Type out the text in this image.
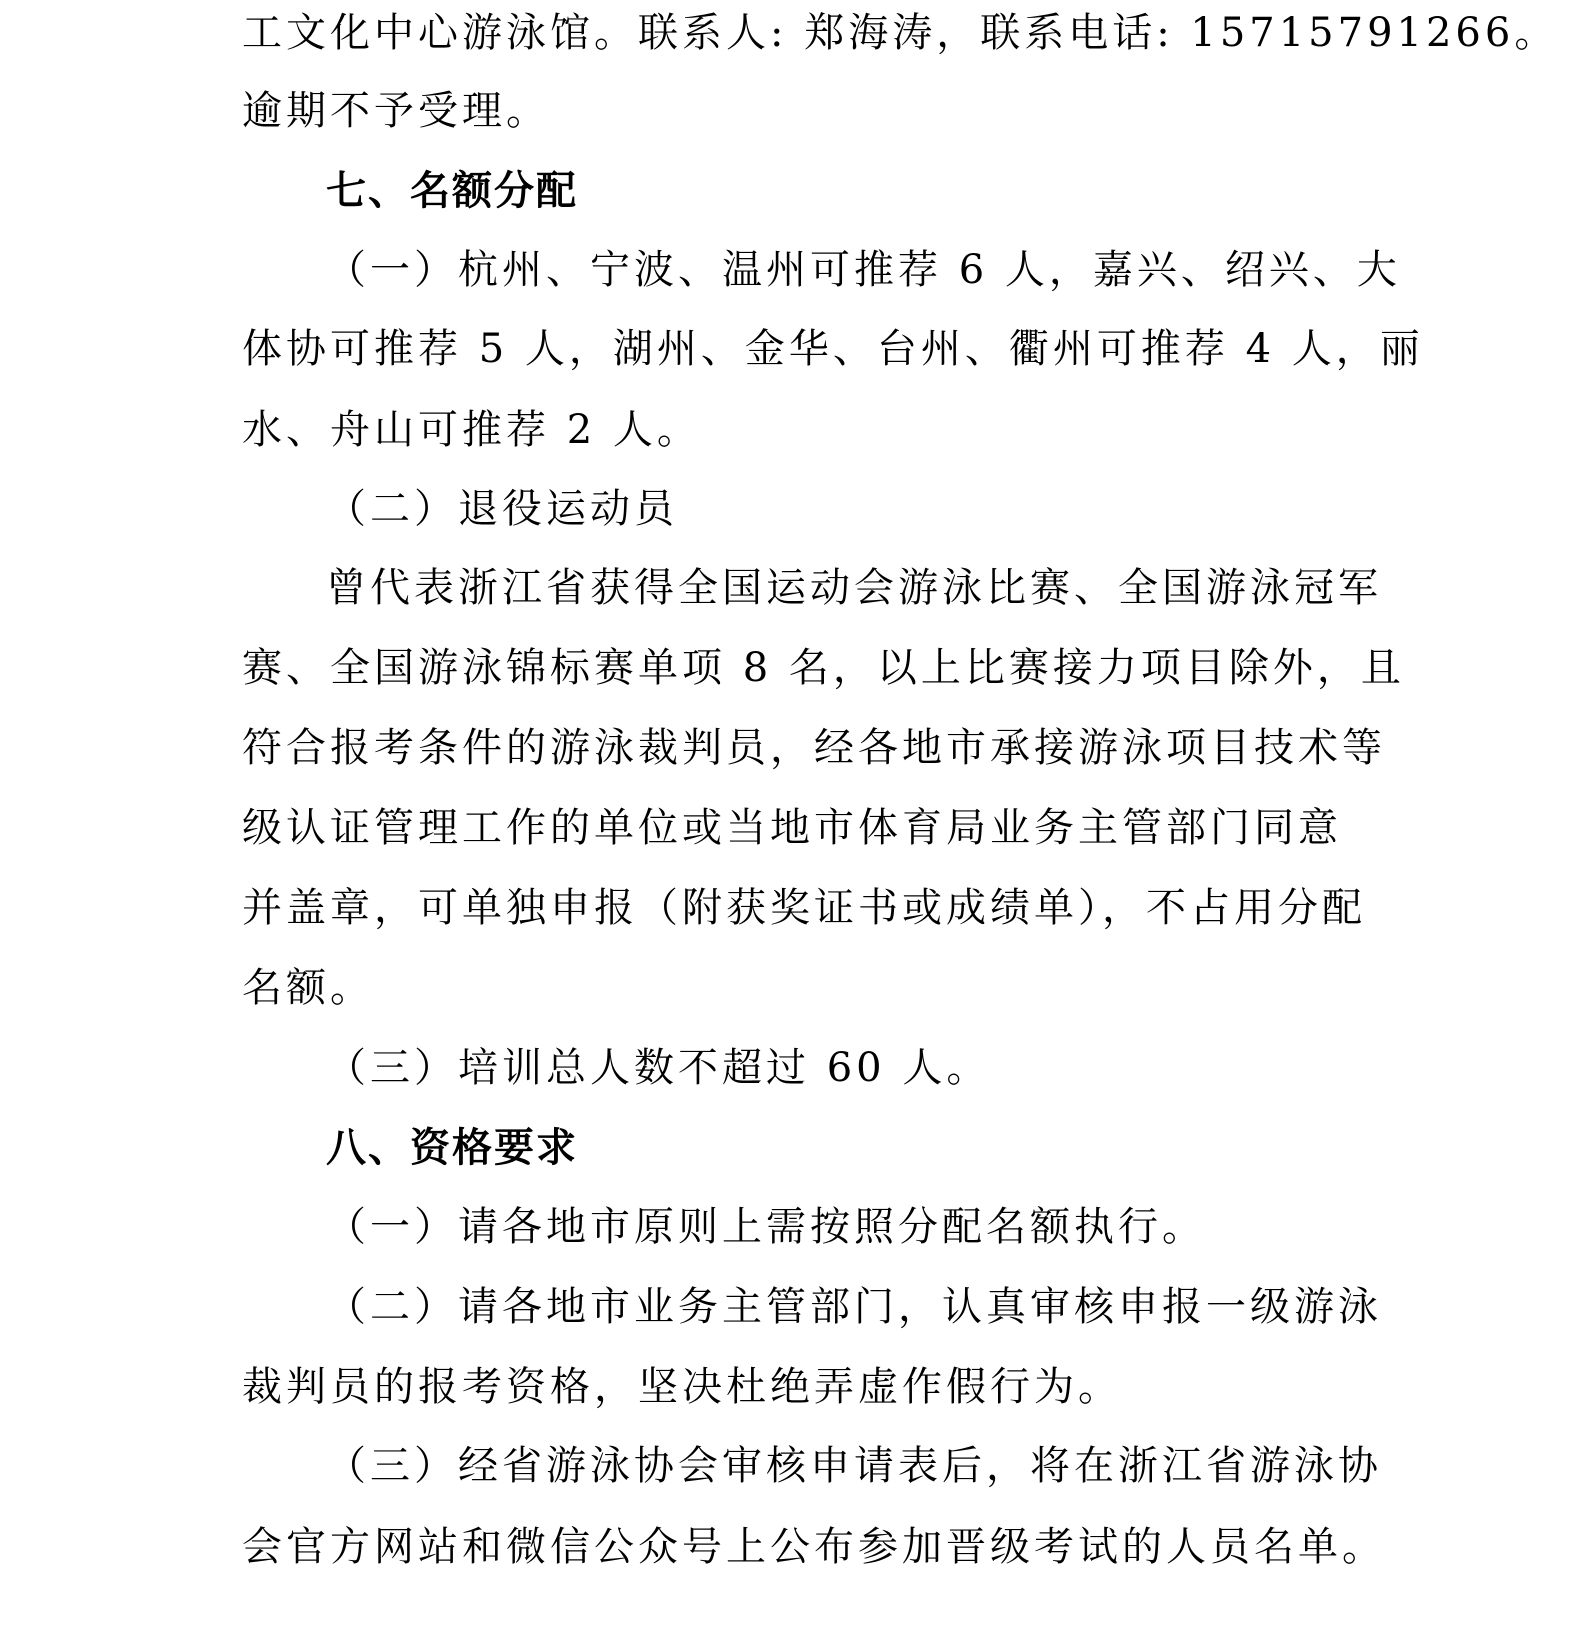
工文化中心游泳馆。联系人: 郑海涛，联系电话: 15715791266。
逾期不予受理。
七、名额分配
（一）杭州、宁波、温州可推荐 6 人，嘉兴、绍兴、大
体协可推荐 5 人，湖州、金华、台州、衢州可推荐 4 人，丽
水、舟山可推荐 2 人。
（二）退役运动员
曾代表浙江省获得全国运动会游泳比赛、全国游泳冠军
赛、全国游泳锦标赛单项 8 名，以上比赛接力项目除外，且
符合报考条件的游泳裁判员，经各地市承接游泳项目技术等
级认证管理工作的单位或当地市体育局业务主管部门同意
并盖章，可单独申报（附获奖证书或成绩单），不占用分配
名额。
（三）培训总人数不超过 60 人。
八、资格要求
（一）请各地市原则上需按照分配名额执行。
（二）请各地市业务主管部门，认真审核申报一级游泳
裁判员的报考资格，坚决杜绝弄虚作假行为。
（三）经省游泳协会审核申请表后，将在浙江省游泳协
会官方网站和微信公众号上公布参加晋级考试的人员名单。
